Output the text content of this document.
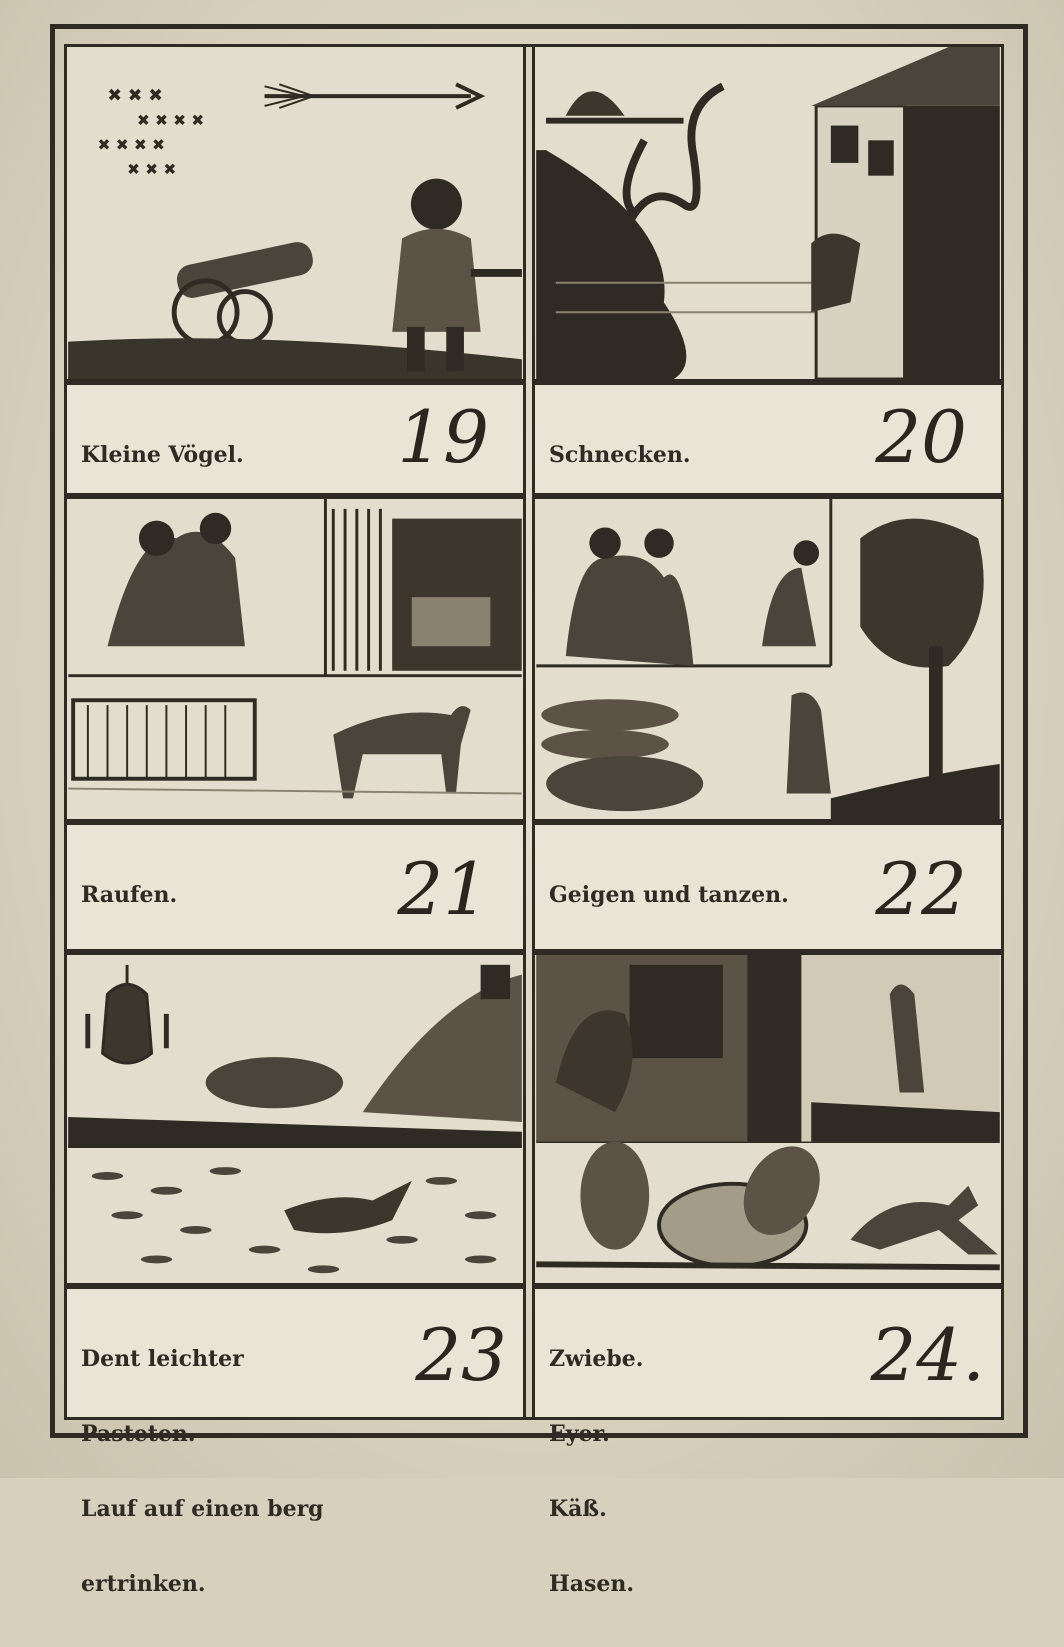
✖ ✖ ✖
✖ ✖ ✖ ✖
✖ ✖ ✖ ✖
✖ ✖ ✖

Kleine Vögel.

19

	Schnecken.

	20

Raufen.

	21

	Geigen und tanzen.

22

Dent leichter

Pasteten.

Lauf auf einen berg

ertrinken.

23

Zwiebe.

Eyer.

Käß.

Hasen.

24.
